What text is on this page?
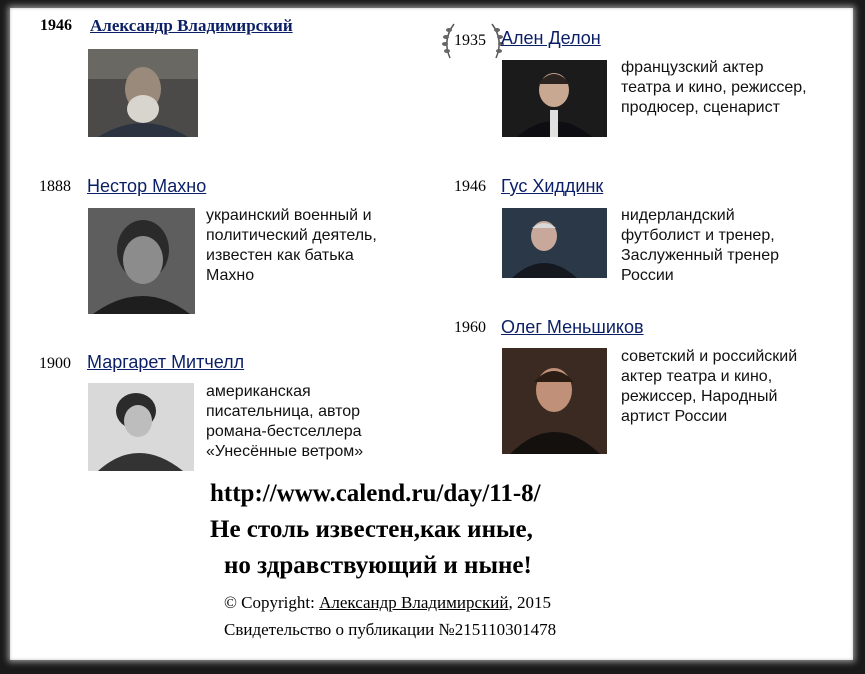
1946 Александр Владимирский
1888 Нестор Махно
украинский военный и
политический деятель,
известен как батька
Махно
1900 Маргарет Митчелл
американская
писательница, автор
романа-бестселлера
«Унесённые ветром»
1935 Ален Делон
французский актер
театра и кино, режиссер,
продюсер, сценарист
1946 Гус Хиддинк
нидерландский
футболист и тренер,
Заслуженный тренер
России
1960 Олег Меньшиков
советский и российский
актер театра и кино,
режиссер, Народный
артист России
http://www.calend.ru/day/11-8/
Не столь известен,как иные,
но здравствующий и ныне!
© Copyright: Александр Владимирский, 2015
Свидетельство о публикации №215110301478
